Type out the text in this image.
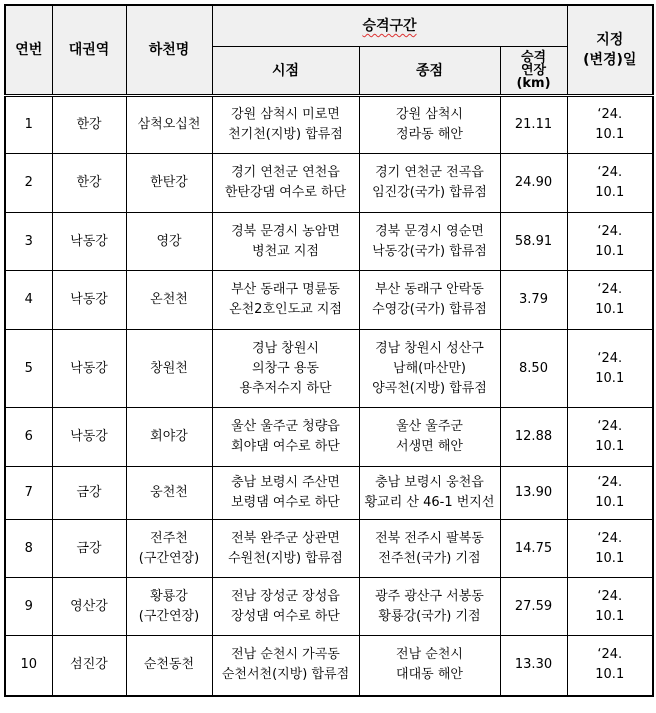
연번	대권역	하천명	승격구간			지정
(변경)일

			시점	종점	승격
연장
(km)	

1	한강	삼척오십천	강원 삼척시 미로면
천기천(지방) 합류점	강원 삼척시
정라동 해안	21.11	‘24.
10.1

2	한강	한탄강	경기 연천군 연천읍
한탄강댐 여수로 하단	경기 연천군 전곡읍
임진강(국가) 합류점	24.90	‘24.
10.1

3	낙동강	영강	경북 문경시 농암면
병천교 지점	경북 문경시 영순면
낙동강(국가) 합류점	58.91	‘24.
10.1

4	낙동강	온천천	부산 동래구 명륜동
온천2호인도교 지점	부산 동래구 안락동
수영강(국가) 합류점	3.79	‘24.
10.1

5	낙동강	창원천	경남 창원시
의창구 용동
용추저수지 하단	경남 창원시 성산구
남해(마산만)
양곡천(지방) 합류점	8.50	‘24.
10.1

6	낙동강	회야강	울산 울주군 청량읍
회야댐 여수로 하단	울산 울주군
서생면 해안	12.88	‘24.
10.1

7	금강	웅천천	충남 보령시 주산면
보령댐 여수로 하단	충남 보령시 웅천읍
황교리 산 46-1 번지선	13.90	‘24.
10.1

8	금강	전주천
(구간연장)	전북 완주군 상관면
수원천(지방) 합류점	전북 전주시 팔복동
전주천(국가) 기점	14.75	‘24.
10.1

9	영산강	황룡강
(구간연장)	전남 장성군 장성읍
장성댐 여수로 하단	광주 광산구 서봉동
황룡강(국가) 기점	27.59	‘24.
10.1

10	섬진강	순천동천	전남 순천시 가곡동
순천서천(지방) 합류점	전남 순천시
대대동 해안	13.30	‘24.
10.1
